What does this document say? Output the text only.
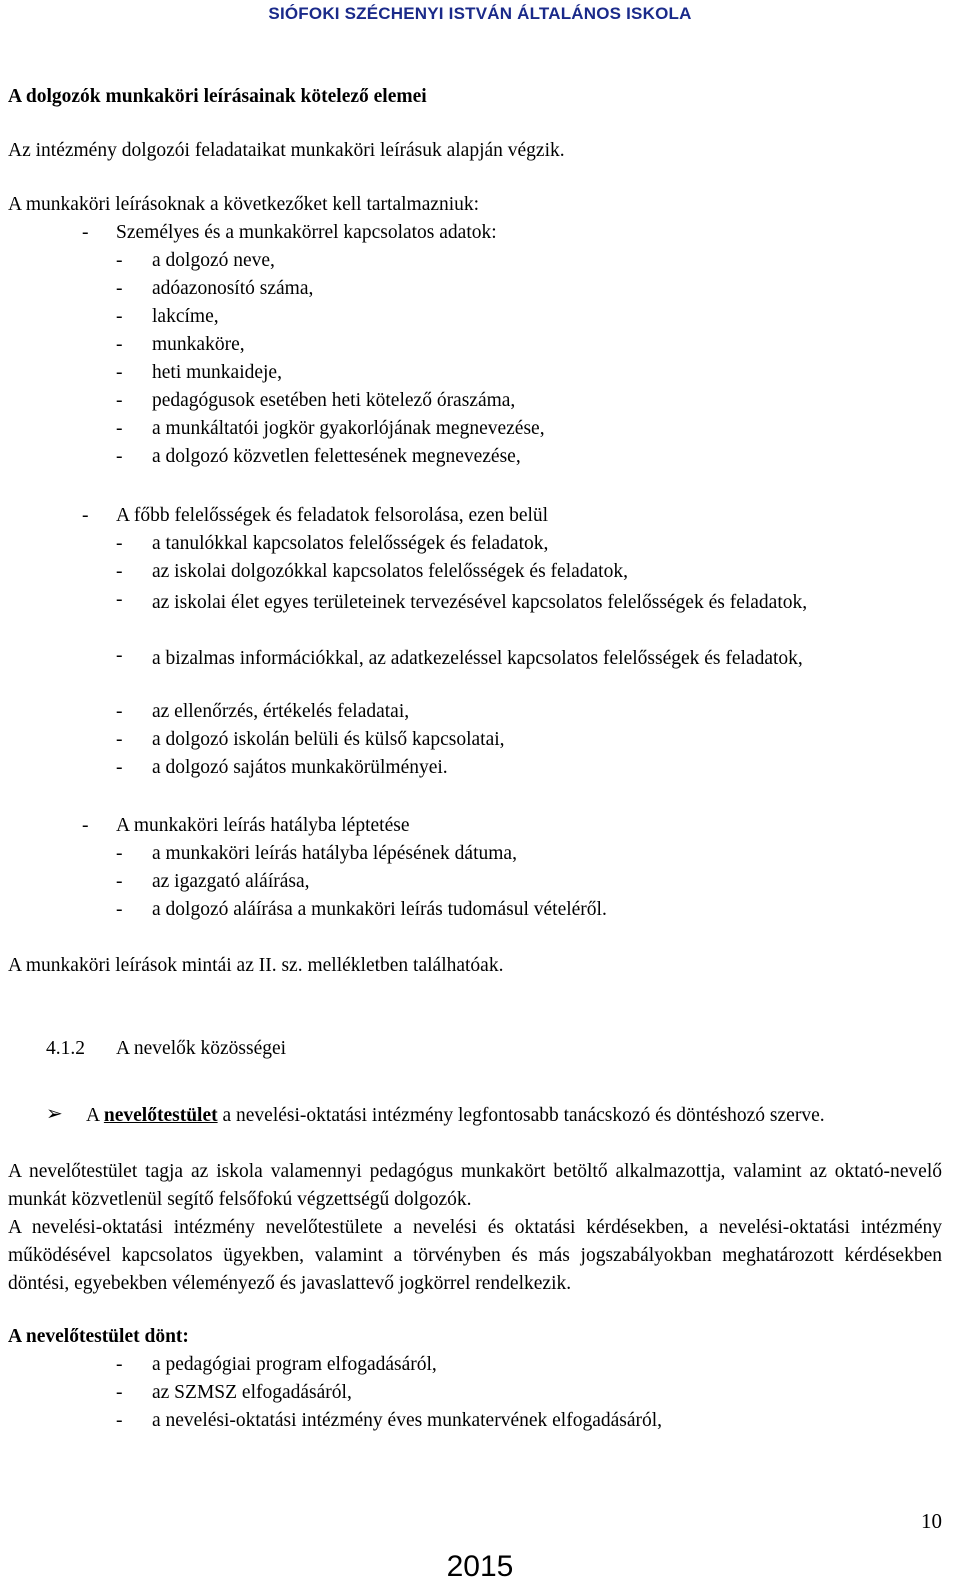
SIÓFOKI SZÉCHENYI ISTVÁN ÁLTALÁNOS ISKOLA
A dolgozók munkaköri leírásainak kötelező elemei
Az intézmény dolgozói feladataikat munkaköri leírásuk alapján végzik.
A munkaköri leírásoknak a következőket kell tartalmazniuk:
- Személyes és a munkakörrel kapcsolatos adatok:
- a dolgozó neve,
- adóazonosító száma,
- lakcíme,
- munkaköre,
- heti munkaideje,
- pedagógusok esetében heti kötelező óraszáma,
- a munkáltatói jogkör gyakorlójának megnevezése,
- a dolgozó közvetlen felettesének megnevezése,
- A főbb felelősségek és feladatok felsorolása, ezen belül
- a tanulókkal kapcsolatos felelősségek és feladatok,
- az iskolai dolgozókkal kapcsolatos felelősségek és feladatok,
- az iskolai élet egyes területeinek tervezésével kapcsolatos felelősségek és feladatok,
- a bizalmas információkkal, az adatkezeléssel kapcsolatos felelősségek és feladatok,
- az ellenőrzés, értékelés feladatai,
- a dolgozó iskolán belüli és külső kapcsolatai,
- a dolgozó sajátos munkakörülményei.
- A munkaköri leírás hatályba léptetése
- a munkaköri leírás hatályba lépésének dátuma,
- az igazgató aláírása,
- a dolgozó aláírása a munkaköri leírás tudomásul vételéről.
A munkaköri leírások mintái az II. sz. mellékletben találhatóak.
4.1.2 A nevelők közösségei
➢ A nevelőtestület a nevelési-oktatási intézmény legfontosabb tanácskozó és döntéshozó szerve.
A nevelőtestület tagja az iskola valamennyi pedagógus munkakört betöltő alkalmazottja, valamint az oktató-nevelő munkát közvetlenül segítő felsőfokú végzettségű dolgozók.
A nevelési-oktatási intézmény nevelőtestülete a nevelési és oktatási kérdésekben, a nevelési-oktatási intézmény működésével kapcsolatos ügyekben, valamint a törvényben és más jogszabályokban meghatározott kérdésekben döntési, egyebekben véleményező és javaslattevő jogkörrel rendelkezik.
A nevelőtestület dönt:
- a pedagógiai program elfogadásáról,
- az SZMSZ elfogadásáról,
- a nevelési-oktatási intézmény éves munkatervének elfogadásáról,
10
2015
